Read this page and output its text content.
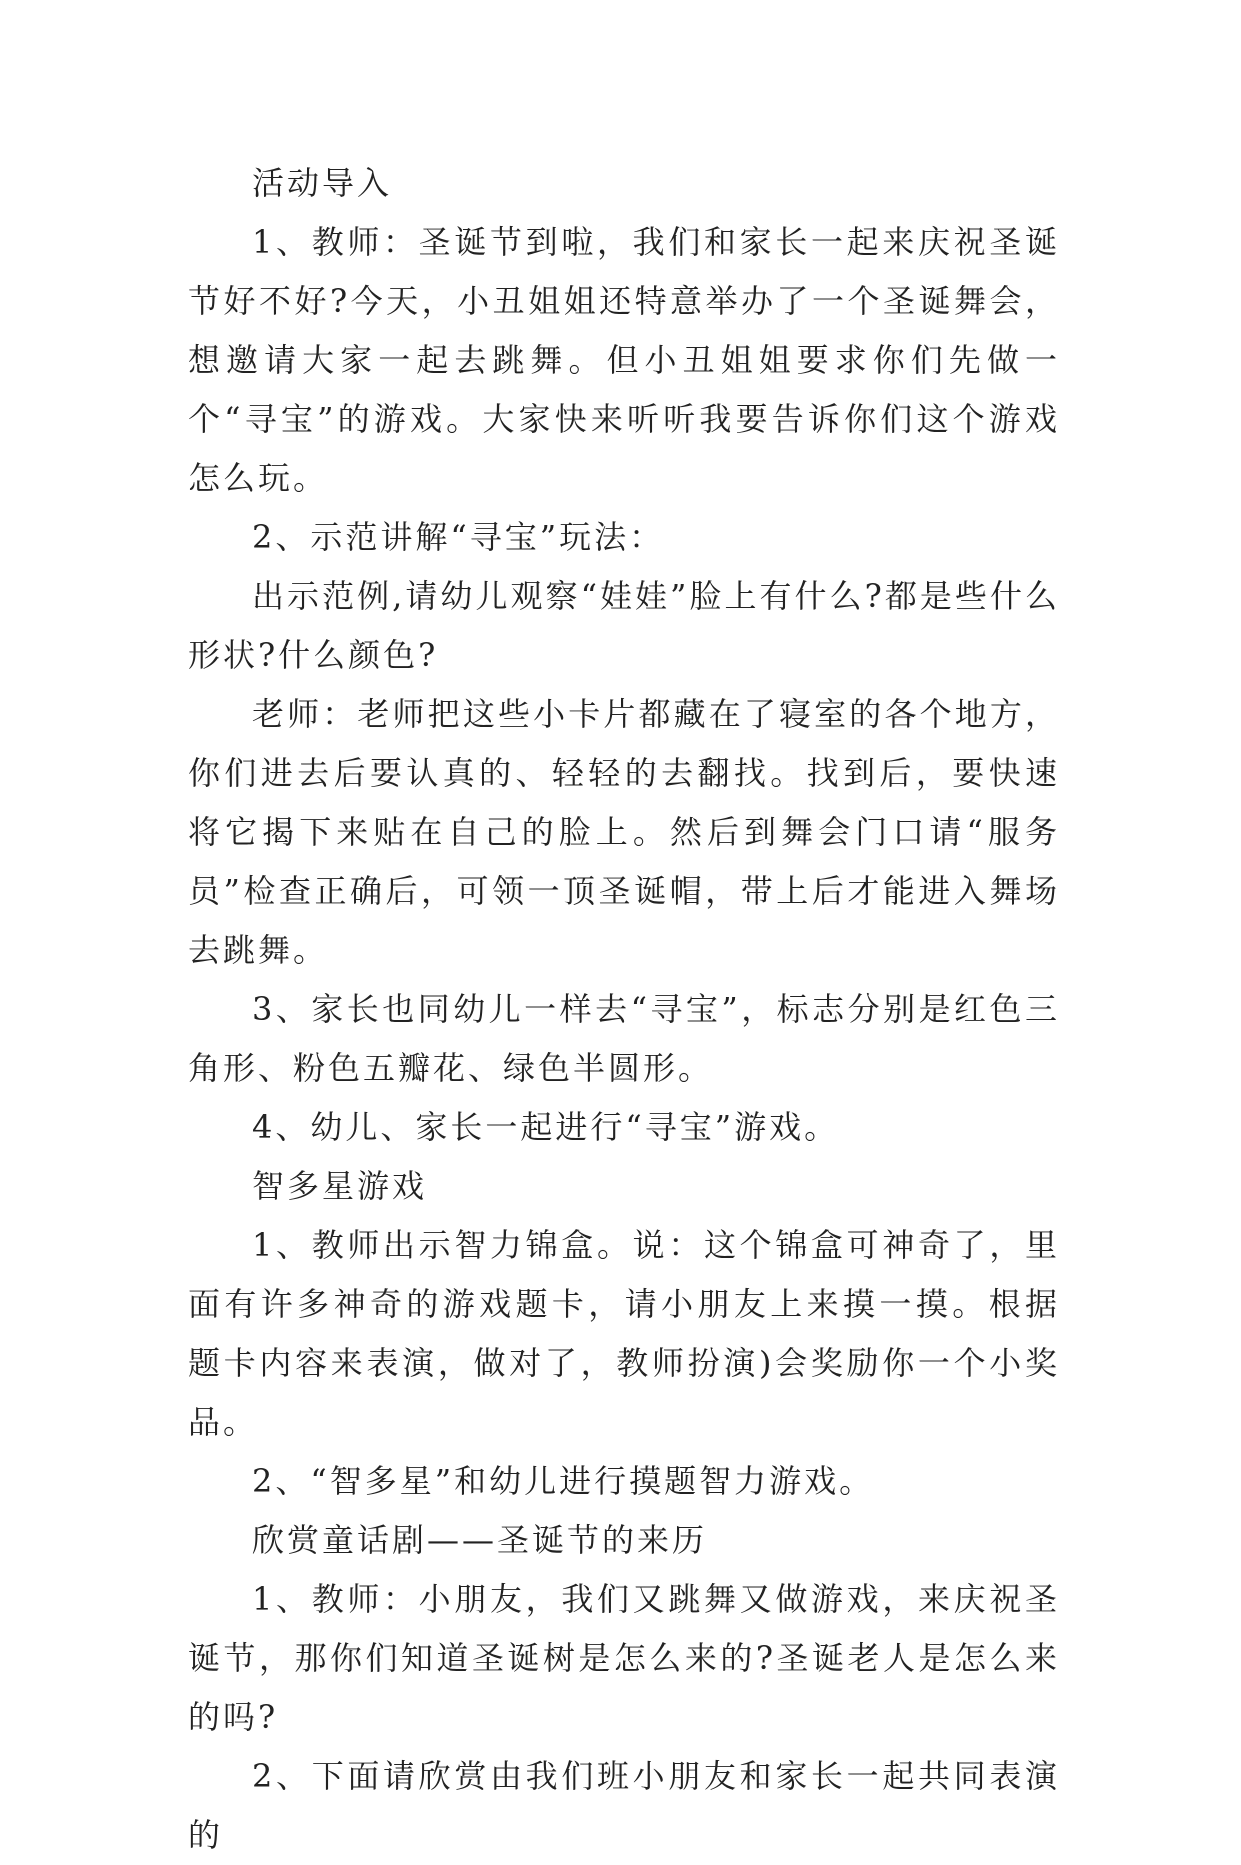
活动导入

1、教师：圣诞节到啦，我们和家长一起来庆祝圣诞节好不好?今天，小丑姐姐还特意举办了一个圣诞舞会，想邀请大家一起去跳舞。但小丑姐姐要求你们先做一个“寻宝”的游戏。大家快来听听我要告诉你们这个游戏怎么玩。

2、示范讲解“寻宝”玩法：

出示范例,请幼儿观察“娃娃”脸上有什么?都是些什么形状?什么颜色?

老师：老师把这些小卡片都藏在了寝室的各个地方，你们进去后要认真的、轻轻的去翻找。找到后，要快速将它揭下来贴在自己的脸上。然后到舞会门口请“服务员”检查正确后，可领一顶圣诞帽，带上后才能进入舞场去跳舞。

3、家长也同幼儿一样去“寻宝”，标志分别是红色三角形、粉色五瓣花、绿色半圆形。

4、幼儿、家长一起进行“寻宝”游戏。

智多星游戏

1、教师出示智力锦盒。说：这个锦盒可神奇了，里面有许多神奇的游戏题卡，请小朋友上来摸一摸。根据题卡内容来表演，做对了，教师扮演)会奖励你一个小奖品。

2、“智多星”和幼儿进行摸题智力游戏。

欣赏童话剧——圣诞节的来历

1、教师：小朋友，我们又跳舞又做游戏，来庆祝圣诞节，那你们知道圣诞树是怎么来的?圣诞老人是怎么来的吗?

2、下面请欣赏由我们班小朋友和家长一起共同表演的
